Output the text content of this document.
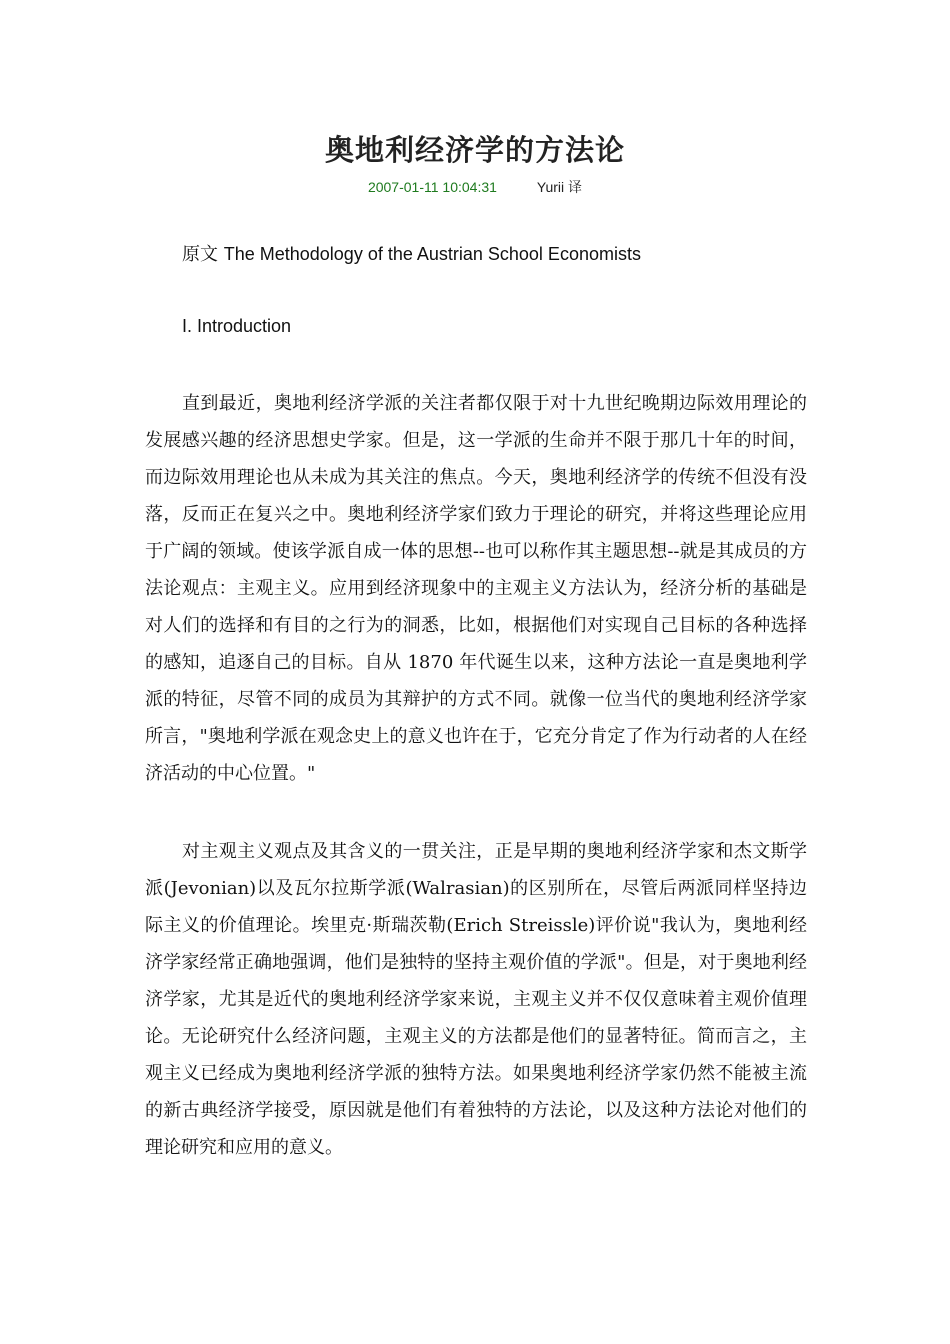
奥地利经济学的方法论
2007-01-11 10:04:31	Yurii 译
原文 The Methodology of the Austrian School Economists
I. Introduction
直到最近，奥地利经济学派的关注者都仅限于对十九世纪晚期边际效用理论的发展感兴趣的经济思想史学家。但是，这一学派的生命并不限于那几十年的时间，而边际效用理论也从未成为其关注的焦点。今天，奥地利经济学的传统不但没有没落，反而正在复兴之中。奥地利经济学家们致力于理论的研究，并将这些理论应用于广阔的领域。使该学派自成一体的思想--也可以称作其主题思想--就是其成员的方法论观点：主观主义。应用到经济现象中的主观主义方法认为，经济分析的基础是对人们的选择和有目的之行为的洞悉，比如，根据他们对实现自己目标的各种选择的感知，追逐自己的目标。自从 1870 年代诞生以来，这种方法论一直是奥地利学派的特征，尽管不同的成员为其辩护的方式不同。就像一位当代的奥地利经济学家所言，"奥地利学派在观念史上的意义也许在于，它充分肯定了作为行动者的人在经济活动的中心位置。"
对主观主义观点及其含义的一贯关注，正是早期的奥地利经济学家和杰文斯学派(Jevonian)以及瓦尔拉斯学派(Walrasian)的区别所在，尽管后两派同样坚持边际主义的价值理论。埃里克·斯瑞茨勒(Erich Streissle)评价说"我认为，奥地利经济学家经常正确地强调，他们是独特的坚持主观价值的学派"。但是，对于奥地利经济学家，尤其是近代的奥地利经济学家来说，主观主义并不仅仅意味着主观价值理论。无论研究什么经济问题，主观主义的方法都是他们的显著特征。简而言之，主观主义已经成为奥地利经济学派的独特方法。如果奥地利经济学家仍然不能被主流的新古典经济学接受，原因就是他们有着独特的方法论，以及这种方法论对他们的理论研究和应用的意义。
